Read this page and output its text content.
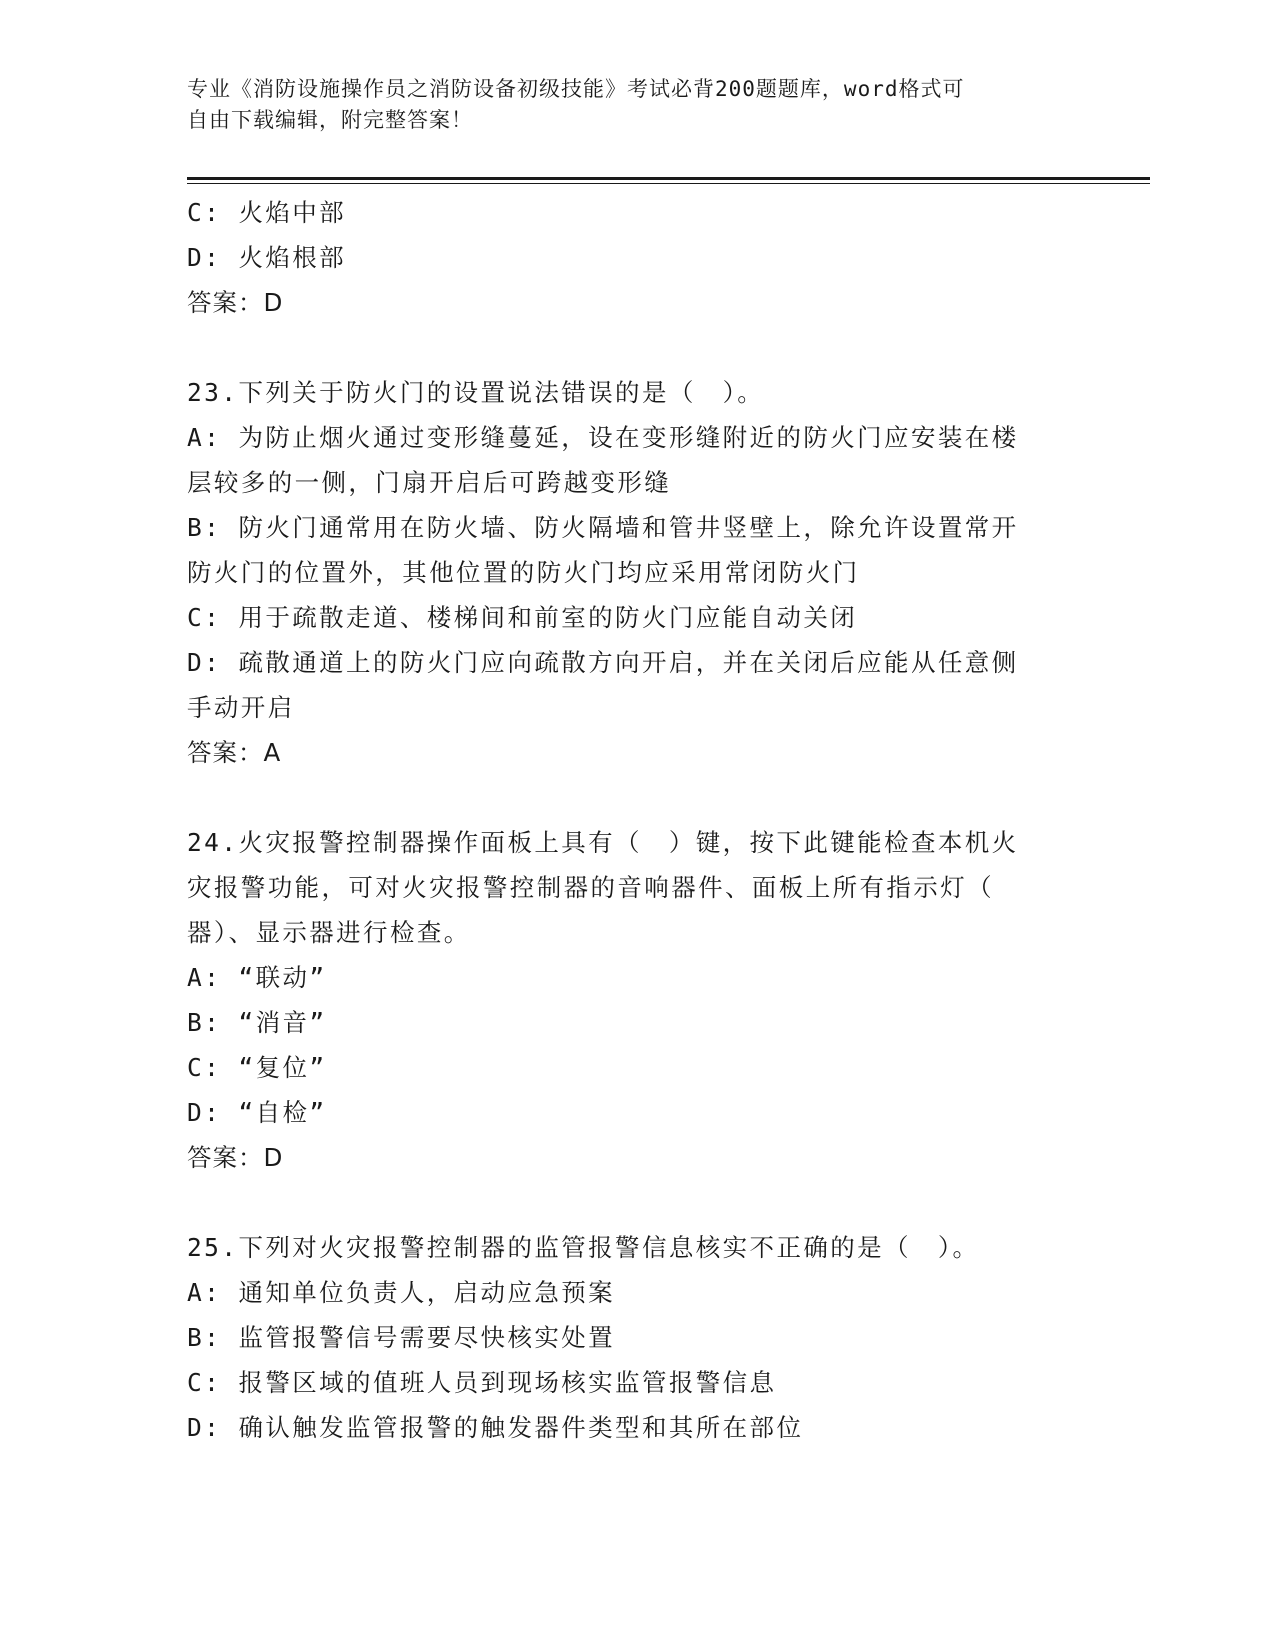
专业《消防设施操作员之消防设备初级技能》考试必背200题题库，word格式可
自由下载编辑，附完整答案！
C: 火焰中部
D: 火焰根部
答案：D
23.下列关于防火门的设置说法错误的是（　）。
A: 为防止烟火通过变形缝蔓延，设在变形缝附近的防火门应安装在楼
层较多的一侧，门扇开启后可跨越变形缝
B: 防火门通常用在防火墙、防火隔墙和管井竖壁上，除允许设置常开
防火门的位置外，其他位置的防火门均应采用常闭防火门
C: 用于疏散走道、楼梯间和前室的防火门应能自动关闭
D: 疏散通道上的防火门应向疏散方向开启，并在关闭后应能从任意侧
手动开启
答案：A
24.火灾报警控制器操作面板上具有（　）键，按下此键能检查本机火
灾报警功能，可对火灾报警控制器的音响器件、面板上所有指示灯（
器）、显示器进行检查。
A: “联动”
B: “消音”
C: “复位”
D: “自检”
答案：D
25.下列对火灾报警控制器的监管报警信息核实不正确的是（　）。
A: 通知单位负责人，启动应急预案
B: 监管报警信号需要尽快核实处置
C: 报警区域的值班人员到现场核实监管报警信息
D: 确认触发监管报警的触发器件类型和其所在部位
